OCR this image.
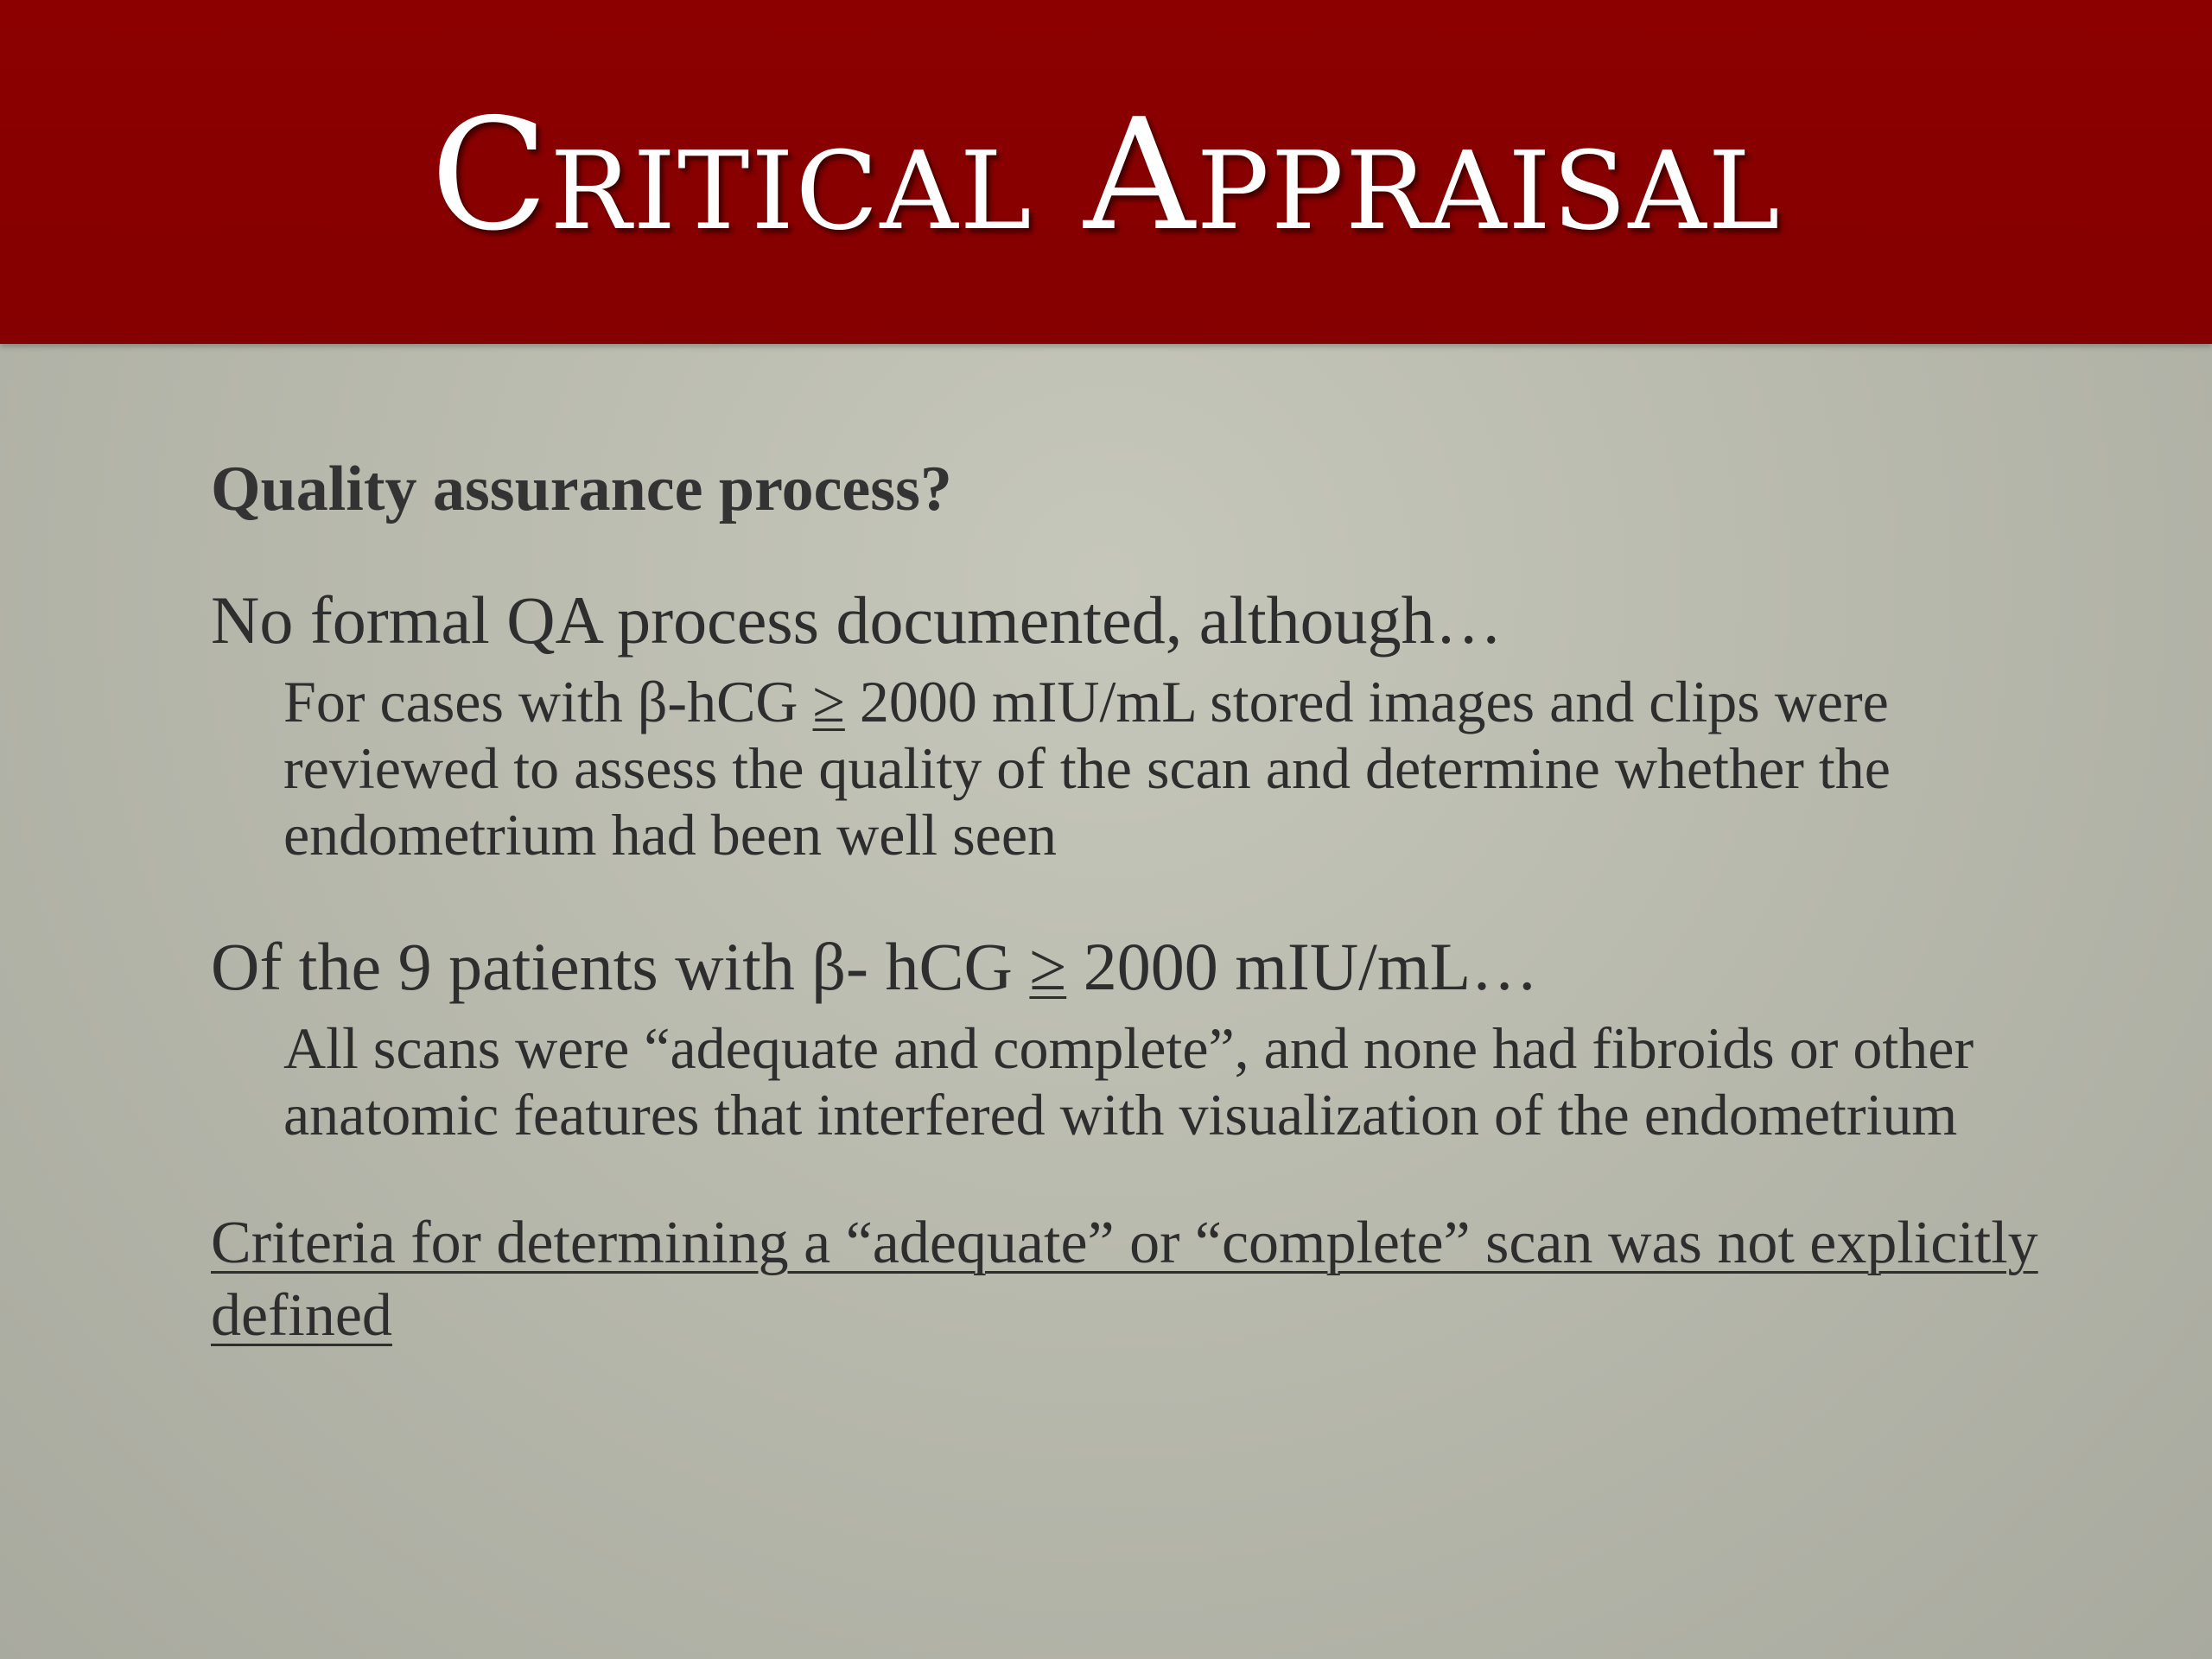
Critical Appraisal

Quality assurance process?

No formal QA process documented, although…

For cases with β-hCG ≥ 2000 mIU/mL stored images and clips were reviewed to assess the quality of the scan and determine whether the endometrium had been well seen

Of the 9 patients with β- hCG ≥ 2000 mIU/mL…

All scans were “adequate and complete”, and none had fibroids or other anatomic features that interfered with visualization of the endometrium

Criteria for determining a “adequate” or “complete” scan was not explicitly defined
